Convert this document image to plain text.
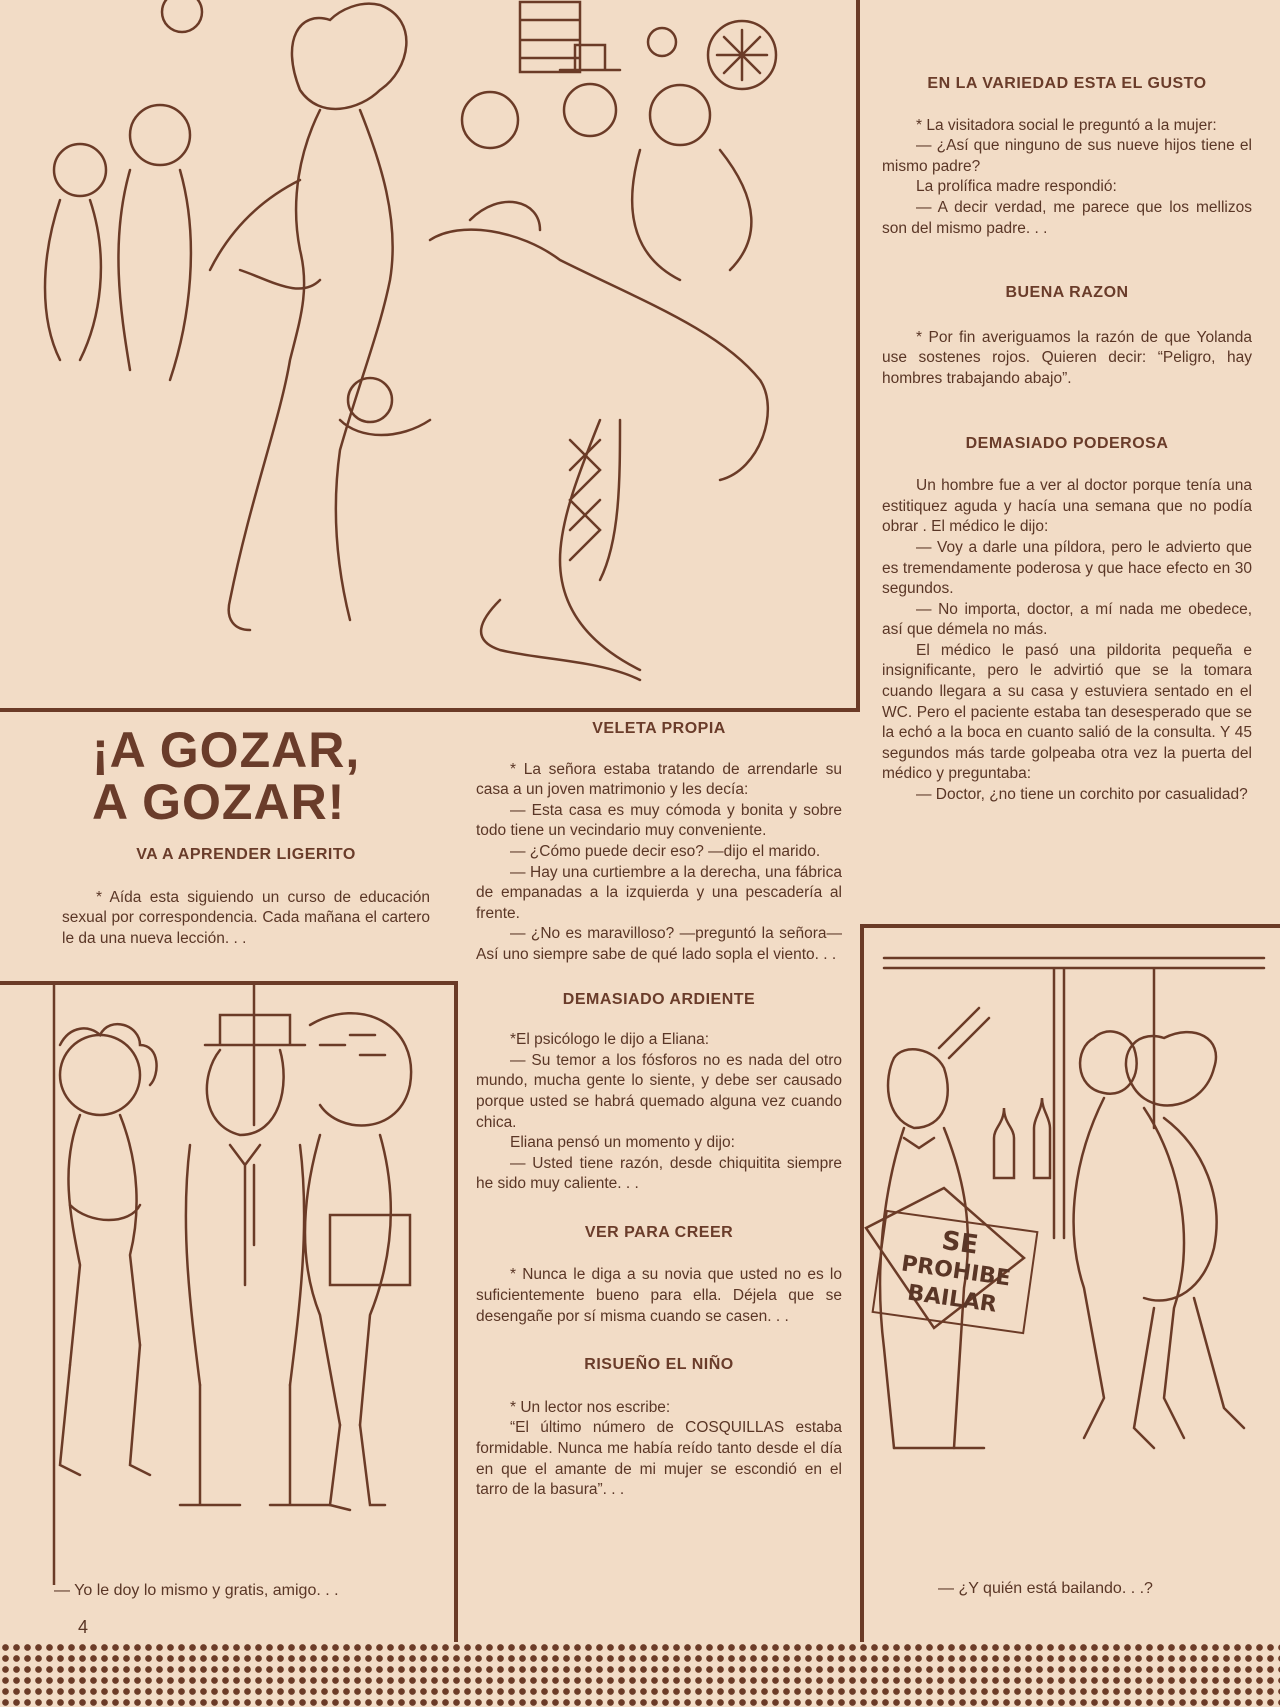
EN LA VARIEDAD ESTA EL GUSTO

* La visitadora social le preguntó a la mujer:

— ¿Así que ninguno de sus nueve hijos tiene el mismo padre?

La prolífica madre respondió:

— A decir verdad, me parece que los mellizos son del mismo padre. . .

BUENA RAZON

* Por fin averiguamos la razón de que Yolanda use sostenes rojos. Quieren decir: “Peligro, hay hombres trabajando abajo”.

DEMASIADO PODEROSA

Un hombre fue a ver al doctor porque tenía una estitiquez aguda y hacía una semana que no podía obrar . El médico le dijo:

— Voy a darle una píldora, pero le advierto que es tremendamente poderosa y que hace efecto en 30 segundos.

— No importa, doctor, a mí nada me obedece, así que démela no más.

El médico le pasó una pildorita pequeña e insignificante, pero le advirtió que se la tomara cuando llegara a su casa y estuviera sentado en el WC. Pero el paciente estaba tan desesperado que se la echó a la boca en cuanto salió de la consulta. Y 45 segundos más tarde golpeaba otra vez la puerta del médico y preguntaba:

— Doctor, ¿no tiene un corchito por casualidad?

¡A GOZAR,
A GOZAR!
VA A APRENDER LIGERITO

* Aída esta siguiendo un curso de educación sexual por correspondencia. Cada mañana el cartero le da una nueva lección. . .

— Yo le doy lo mismo y gratis, amigo. . .
VELETA PROPIA

* La señora estaba tratando de arrendarle su casa a un joven matrimonio y les decía:

— Esta casa es muy cómoda y bonita y sobre todo tiene un vecindario muy conveniente.

— ¿Cómo puede decir eso? —dijo el marido.

— Hay una curtiembre a la derecha, una fábrica de empanadas a la izquierda y una pescadería al frente.

— ¿No es maravilloso? —preguntó la señora— Así uno siempre sabe de qué lado sopla el viento. . .

DEMASIADO ARDIENTE

*El psicólogo le dijo a Eliana:

— Su temor a los fósforos no es nada del otro mundo, mucha gente lo siente, y debe ser causado porque usted se habrá quemado alguna vez cuando chica.

Eliana pensó un momento y dijo:

— Usted tiene razón, desde chiquitita siempre he sido muy caliente. . .

VER PARA CREER

* Nunca le diga a su novia que usted no es lo suficientemente bueno para ella. Déjela que se desengañe por sí misma cuando se casen. . .

RISUEÑO EL NIÑO

* Un lector nos escribe:

“El último número de COSQUILLAS estaba formidable. Nunca me había reído tanto desde el día en que el amante de mi mujer se escondió en el tarro de la basura”. . .

SE
PROHIBE
BAILAR
— ¿Y quién está bailando. . .?
4
